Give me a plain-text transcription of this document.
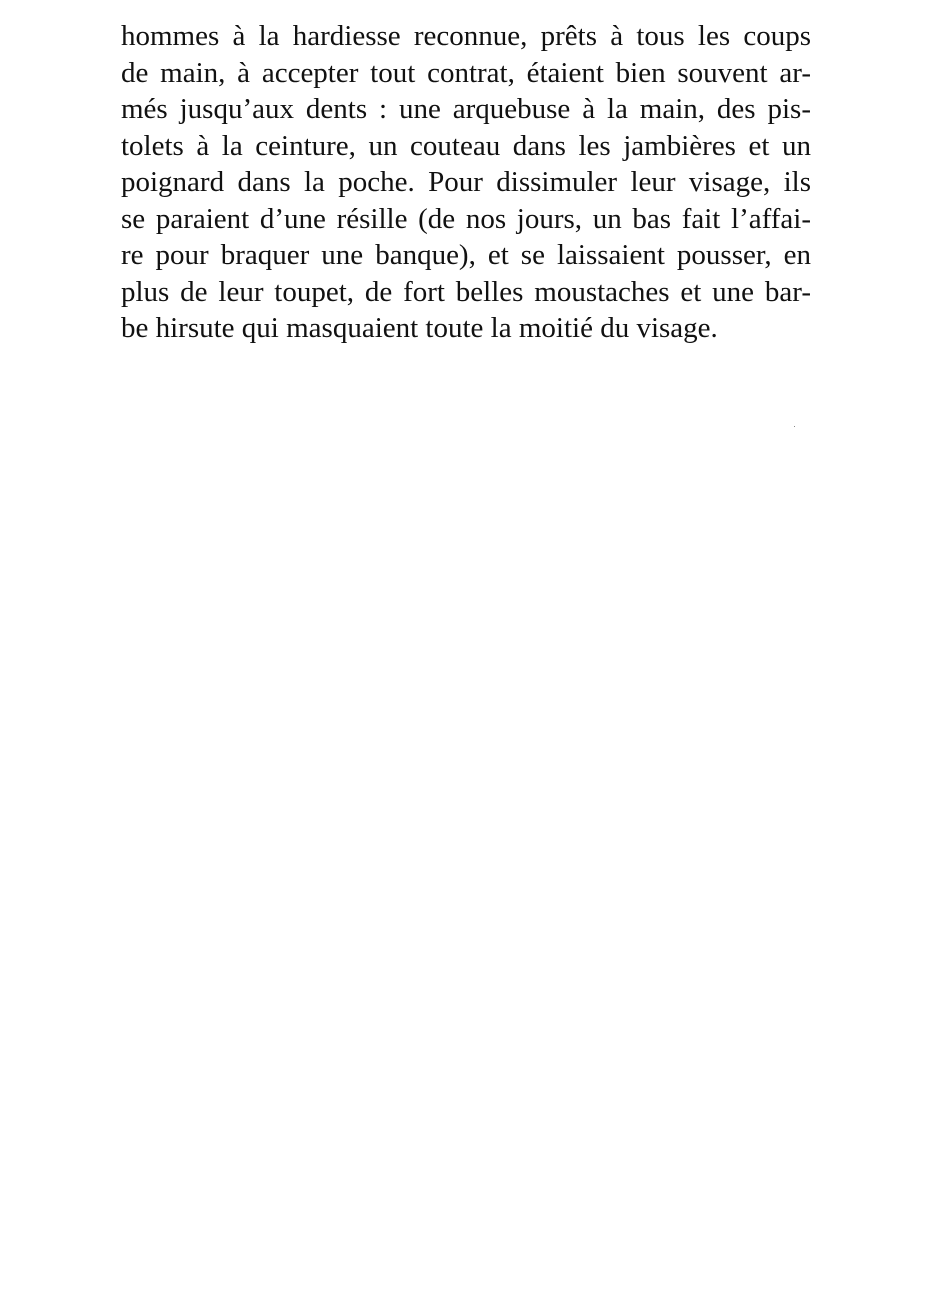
hommes à la hardiesse reconnue, prêts à tous les coups
de main, à accepter tout contrat, étaient bien souvent ar-
més jusqu’aux dents : une arquebuse à la main, des pis-
tolets à la ceinture, un couteau dans les jambières et un
poignard dans la poche. Pour dissimuler leur visage, ils
se paraient d’une résille (de nos jours, un bas fait l’affai-
re pour braquer une banque), et se laissaient pousser, en
plus de leur toupet, de fort belles moustaches et une bar-
be hirsute qui masquaient toute la moitié du visage.
